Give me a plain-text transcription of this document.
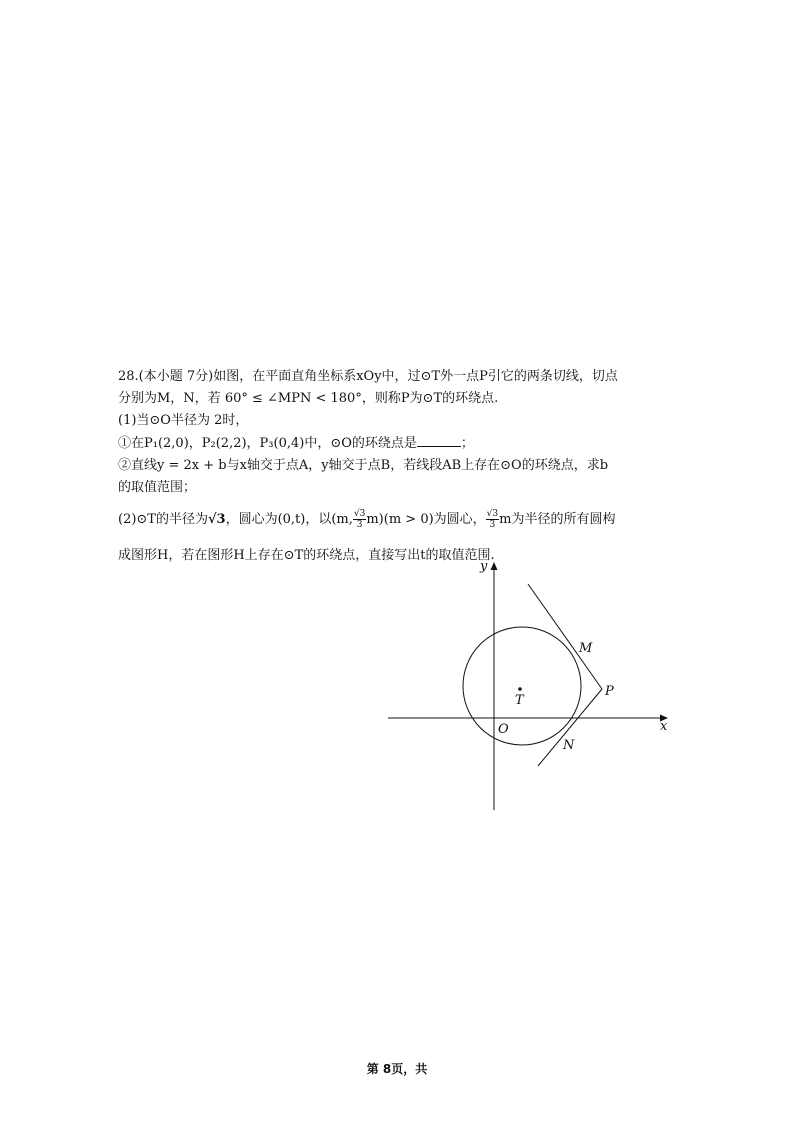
28.(本小题 7分)如图，在平面直角坐标系xOy中，过⊙T外一点P引它的两条切线，切点

分别为M，N，若 60° ≤ ∠MPN < 180°，则称P为⊙T的环绕点.

(1)当⊙O半径为 2时，

①在P₁(2,0)，P₂(2,2)，P₃(0,4)中，⊙O的环绕点是	；

②直线y = 2x + b与x轴交于点A，y轴交于点B，若线段AB上存在⊙O的环绕点，求b

的取值范围；

(2)⊙T的半径为√3，圆心为(0,t)，以(m, $\frac{√3}{3} m)(m > 0)$为圆心， $\frac{√3}{3}$ m为半径的所有圆构

成图形H，若在图形H上存在⊙T的环绕点，直接写出t的取值范围.

y
x
O
T
M
N
P
第 8页，共
